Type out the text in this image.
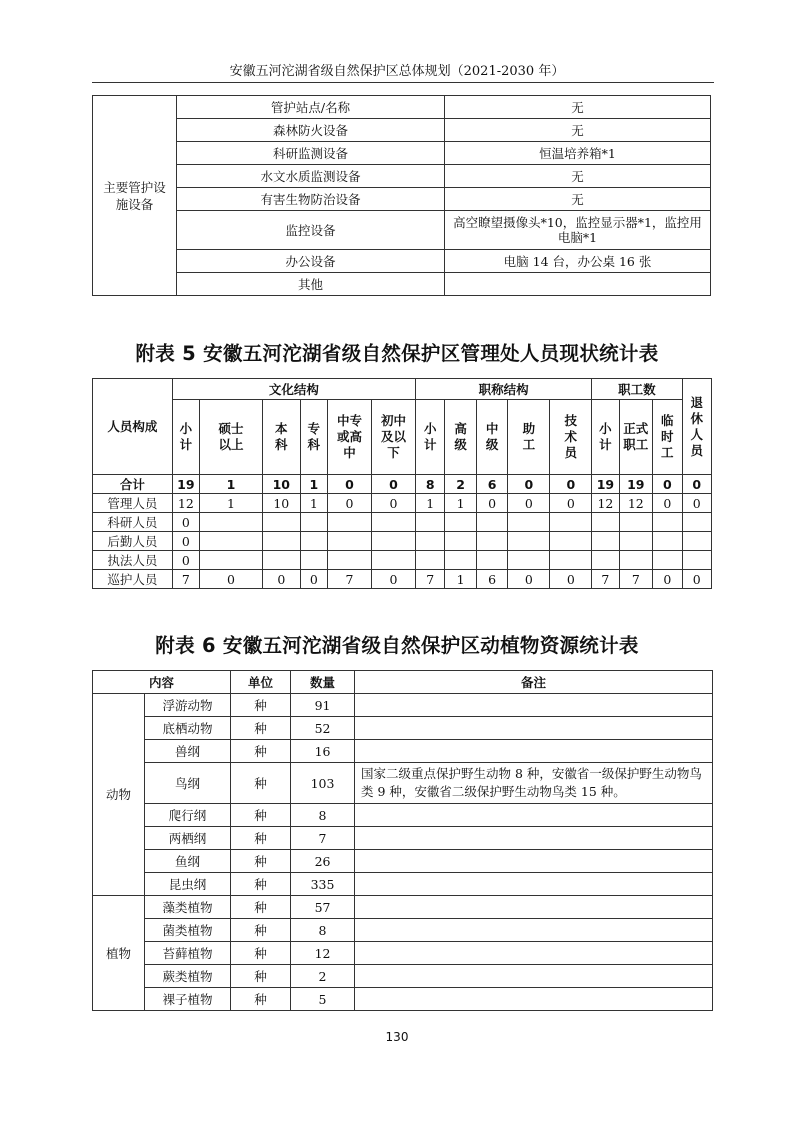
安徽五河沱湖省级自然保护区总体规划（2021-2030 年）
主要管护设施设备	管护站点/名称	无
	森林防火设备	无
	科研监测设备	恒温培养箱*1
	水文水质监测设备	无
	有害生物防治设备	无
	监控设备	高空瞭望摄像头*10，监控显示器*1，监控用电脑*1
	办公设备	电脑 14 台，办公桌 16 张
	其他	
附表 5 安徽五河沱湖省级自然保护区管理处人员现状统计表
人员构成	文化结构						职称结构					职工数			退休人员
	小计	硕士以上	本科	专科	中专或高中	初中及以下	小计	高级	中级	助工	技术员	小计	正式职工	临时工	
合计	19	1	10	1	0	0	8	2	6	0	0	19	19	0	0
管理人员	12	1	10	1	0	0	1	1	0	0	0	12	12	0	0
科研人员	0														
后勤人员	0														
执法人员	0														
巡护人员	7	0	0	0	7	0	7	1	6	0	0	7	7	0	0
附表 6 安徽五河沱湖省级自然保护区动植物资源统计表
内容		单位	数量	备注
动物	浮游动物	种	91	
	底栖动物	种	52	
	兽纲	种	16	
	鸟纲	种	103	国家二级重点保护野生动物 8 种，安徽省一级保护野生动物鸟类 9 种，安徽省二级保护野生动物鸟类 15 种。
	爬行纲	种	8	
	两栖纲	种	7	
	鱼纲	种	26	
	昆虫纲	种	335	
植物	藻类植物	种	57	
	菌类植物	种	8	
	苔藓植物	种	12	
	蕨类植物	种	2	
	裸子植物	种	5	
130
